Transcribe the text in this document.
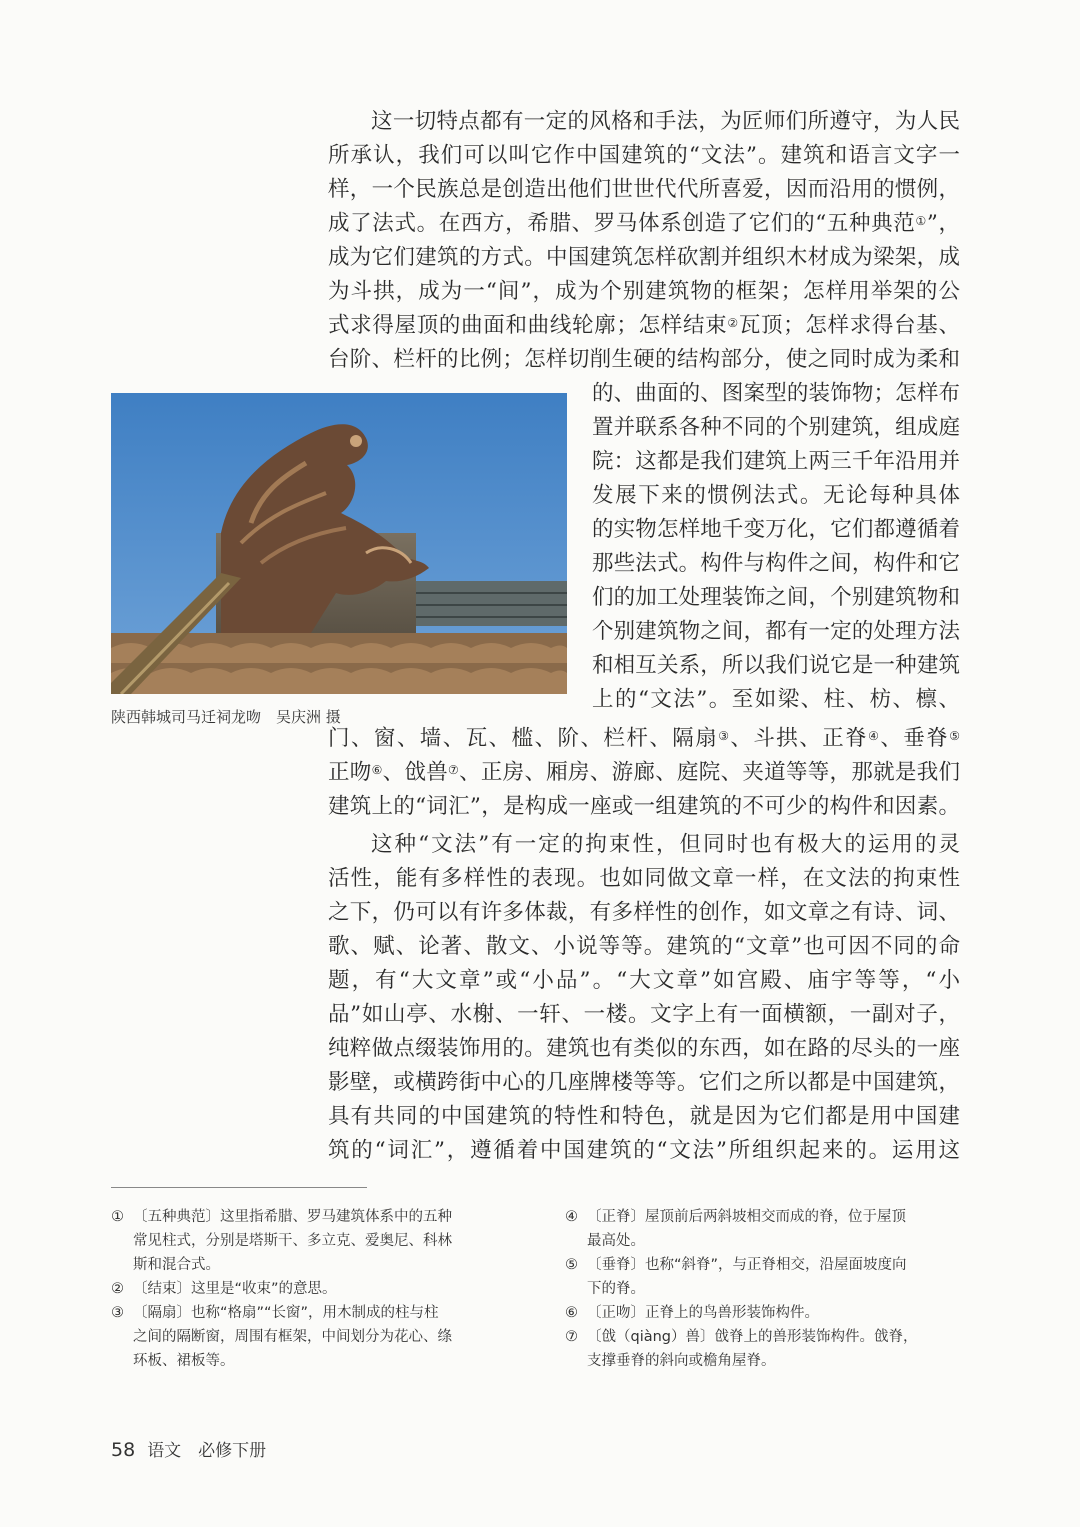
这一切特点都有一定的风格和手法，为匠师们所遵守，为人民
所承认，我们可以叫它作中国建筑的“文法”。建筑和语言文字一
样，一个民族总是创造出他们世世代代所喜爱，因而沿用的惯例，
成了法式。在西方，希腊、罗马体系创造了它们的“五种典范①”，
成为它们建筑的方式。中国建筑怎样砍割并组织木材成为梁架，成
为斗拱，成为一“间”，成为个别建筑物的框架；怎样用举架的公
式求得屋顶的曲面和曲线轮廓；怎样结束②瓦顶；怎样求得台基、
台阶、栏杆的比例；怎样切削生硬的结构部分，使之同时成为柔和
的、曲面的、图案型的装饰物；怎样布
置并联系各种不同的个别建筑，组成庭
院：这都是我们建筑上两三千年沿用并
发展下来的惯例法式。无论每种具体
的实物怎样地千变万化，它们都遵循着
那些法式。构件与构件之间，构件和它
们的加工处理装饰之间，个别建筑物和
个别建筑物之间，都有一定的处理方法
和相互关系，所以我们说它是一种建筑
上的“文法”。至如梁、柱、枋、檩、
门、窗、墙、瓦、槛、阶、栏杆、隔扇③、斗拱、正脊④、垂脊⑤
正吻⑥、戗兽⑦、正房、厢房、游廊、庭院、夹道等等，那就是我们
建筑上的“词汇”，是构成一座或一组建筑的不可少的构件和因素。
这种“文法”有一定的拘束性，但同时也有极大的运用的灵
活性，能有多样性的表现。也如同做文章一样，在文法的拘束性
之下，仍可以有许多体裁，有多样性的创作，如文章之有诗、词、
歌、赋、论著、散文、小说等等。建筑的“文章”也可因不同的命
题，有“大文章”或“小品”。“大文章”如宫殿、庙宇等等，“小
品”如山亭、水榭、一轩、一楼。文字上有一面横额，一副对子，
纯粹做点缀装饰用的。建筑也有类似的东西，如在路的尽头的一座
影壁，或横跨街中心的几座牌楼等等。它们之所以都是中国建筑，
具有共同的中国建筑的特性和特色，就是因为它们都是用中国建
筑的“词汇”，遵循着中国建筑的“文法”所组织起来的。运用这
陕西韩城司马迁祠龙吻　吴庆洲 摄
① 〔五种典范〕这里指希腊、罗马建筑体系中的五种
常见柱式，分别是塔斯干、多立克、爱奥尼、科林
斯和混合式。
② 〔结束〕这里是“收束”的意思。
③ 〔隔扇〕也称“格扇”“长窗”，用木制成的柱与柱
之间的隔断窗，周围有框架，中间划分为花心、绦
环板、裙板等。
④ 〔正脊〕屋顶前后两斜坡相交而成的脊，位于屋顶
最高处。
⑤ 〔垂脊〕也称“斜脊”，与正脊相交，沿屋面坡度向
下的脊。
⑥ 〔正吻〕正脊上的鸟兽形装饰构件。
⑦ 〔戗（qiàng）兽〕戗脊上的兽形装饰构件。戗脊，
支撑垂脊的斜向或檐角屋脊。
58 语文　必修下册
